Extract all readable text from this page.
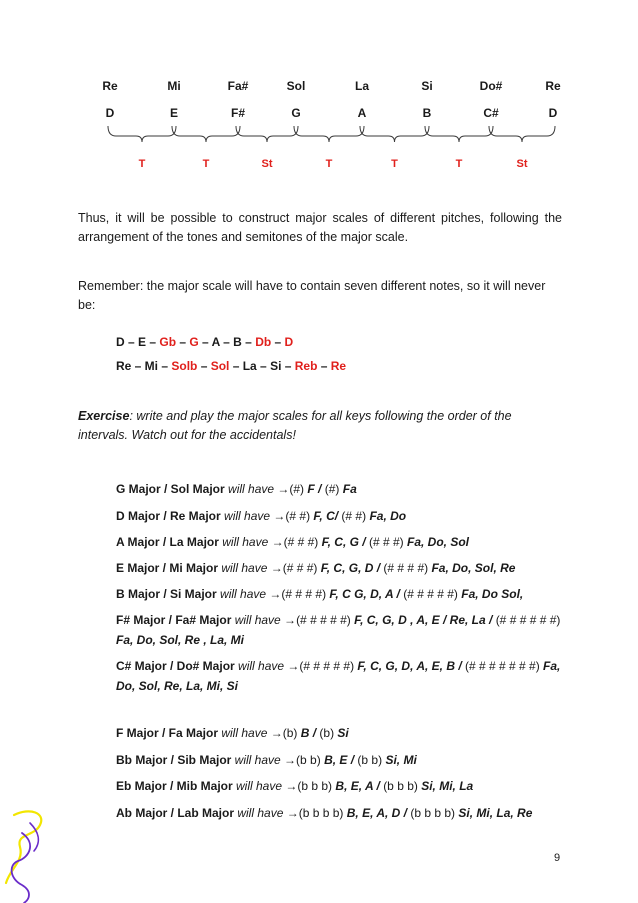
Re	Mi	Fa#	Sol	La	Si	Do#	Re
D	E	F#	G	A	B	C#	D
T	T	St	T	T	T	St
Thus, it will be possible to construct major scales of different pitches, following the arrangement of the tones and semitones of the major scale.
Remember: the major scale will have to contain seven different notes, so it will never be:
D – E – Gb – G – A – B – Db – D
Re – Mi – Solb – Sol – La – Si – Reb – Re
Exercise: write and play the major scales for all keys following the order of the intervals. Watch out for the accidentals!
G Major / Sol Major will have →(#) F / (#) Fa
D Major / Re Major will have →(# #) F, C/ (# #) Fa, Do
A Major / La Major will have →(# # #) F, C, G / (# # #) Fa, Do, Sol
E Major / Mi Major will have →(# # #) F, C, G, D / (# # # #) Fa, Do, Sol, Re
B Major / Si Major will have →(# # # #) F, C G, D, A / (# # # # #) Fa, Do Sol,
F# Major / Fa# Major will have →(# # # # #) F, C, G, D , A, E / Re, La / (# # # # # #) Fa, Do, Sol, Re , La, Mi
C# Major / Do# Major will have →(# # # # #) F, C, G, D, A, E, B / (# # # # # # #) Fa, Do, Sol, Re, La, Mi, Si
F Major / Fa Major will have →(b) B / (b) Si
Bb Major / Sib Major will have →(b b) B, E / (b b) Si, Mi
Eb Major / Mib Major will have →(b b b) B, E, A / (b b b) Si, Mi, La
Ab Major / Lab Major will have →(b b b b) B, E, A, D / (b b b b) Si, Mi, La, Re
9
